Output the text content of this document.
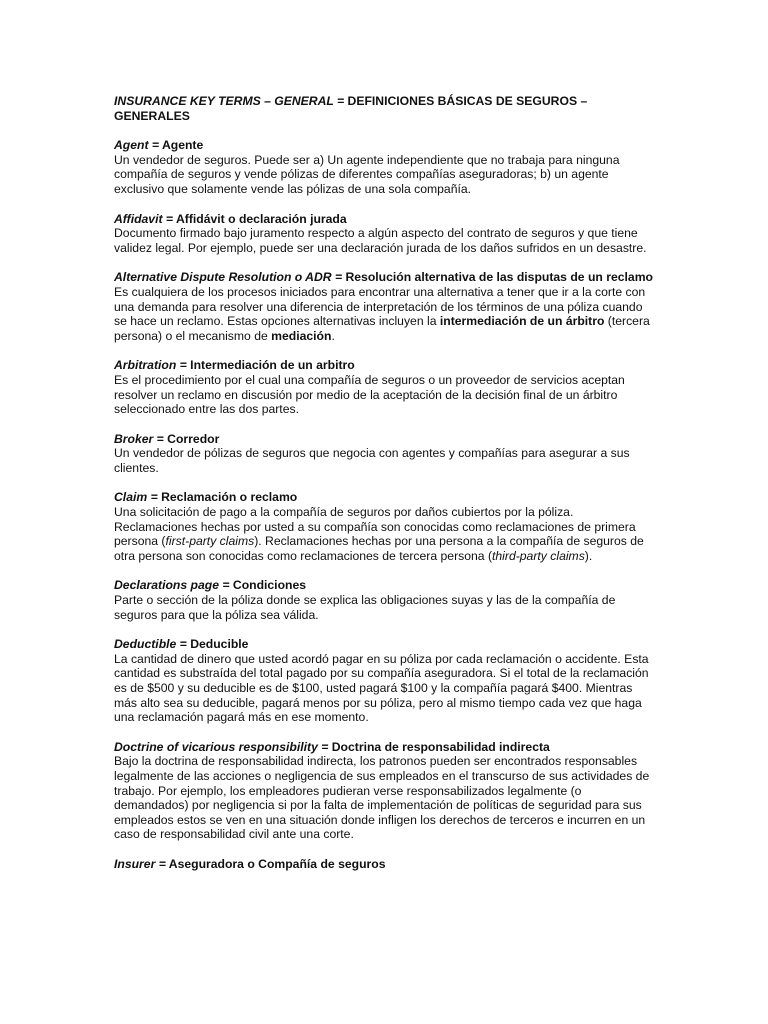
INSURANCE KEY TERMS – GENERAL = DEFINICIONES BÁSICAS DE SEGUROS – GENERALES
Agent = Agente
Un vendedor de seguros. Puede ser a) Un agente independiente que no trabaja para ninguna compañía de seguros y vende pólizas de diferentes compañías aseguradoras; b) un agente exclusivo que solamente vende las pólizas de una sola compañía.
Affidavit = Affidávit o declaración jurada
Documento firmado bajo juramento respecto a algún aspecto del contrato de seguros y que tiene validez legal. Por ejemplo, puede ser una declaración jurada de los daños sufridos en un desastre.
Alternative Dispute Resolution o ADR = Resolución alternativa de las disputas de un reclamo
Es cualquiera de los procesos iniciados para encontrar una alternativa a tener que ir a la corte con una demanda para resolver una diferencia de interpretación de los términos de una póliza cuando se hace un reclamo. Estas opciones alternativas incluyen la intermediación de un árbitro (tercera persona) o el mecanismo de mediación.
Arbitration = Intermediación de un arbitro
Es el procedimiento por el cual una compañía de seguros o un proveedor de servicios aceptan resolver un reclamo en discusión por medio de la aceptación de la decisión final de un árbitro seleccionado entre las dos partes.
Broker = Corredor
Un vendedor de pólizas de seguros que negocia con agentes y compañías para asegurar a sus clientes.
Claim = Reclamación o reclamo
Una solicitación de pago a la compañía de seguros por daños cubiertos por la póliza. Reclamaciones hechas por usted a su compañía son conocidas como reclamaciones de primera persona (first-party claims). Reclamaciones hechas por una persona a la compañía de seguros de otra persona son conocidas como reclamaciones de tercera persona (third-party claims).
Declarations page = Condiciones
Parte o sección de la póliza donde se explica las obligaciones suyas y las de la compañía de seguros para que la póliza sea válida.
Deductible = Deducible
La cantidad de dinero que usted acordó pagar en su póliza por cada reclamación o accidente. Esta cantidad es substraída del total pagado por su compañía aseguradora. Si el total de la reclamación es de $500 y su deducible es de $100, usted pagará $100 y la compañía pagará $400. Mientras más alto sea su deducible, pagará menos por su póliza, pero al mismo tiempo cada vez que haga una reclamación pagará más en ese momento.
Doctrine of vicarious responsibility = Doctrina de responsabilidad indirecta
Bajo la doctrina de responsabilidad indirecta, los patronos pueden ser encontrados responsables legalmente de las acciones o negligencia de sus empleados en el transcurso de sus actividades de trabajo. Por ejemplo, los empleadores pudieran verse responsabilizados legalmente (o demandados) por negligencia si por la falta de implementación de políticas de seguridad para sus empleados estos se ven en una situación donde infligen los derechos de terceros e incurren en un caso de responsabilidad civil ante una corte.
Insurer = Aseguradora o Compañía de seguros
